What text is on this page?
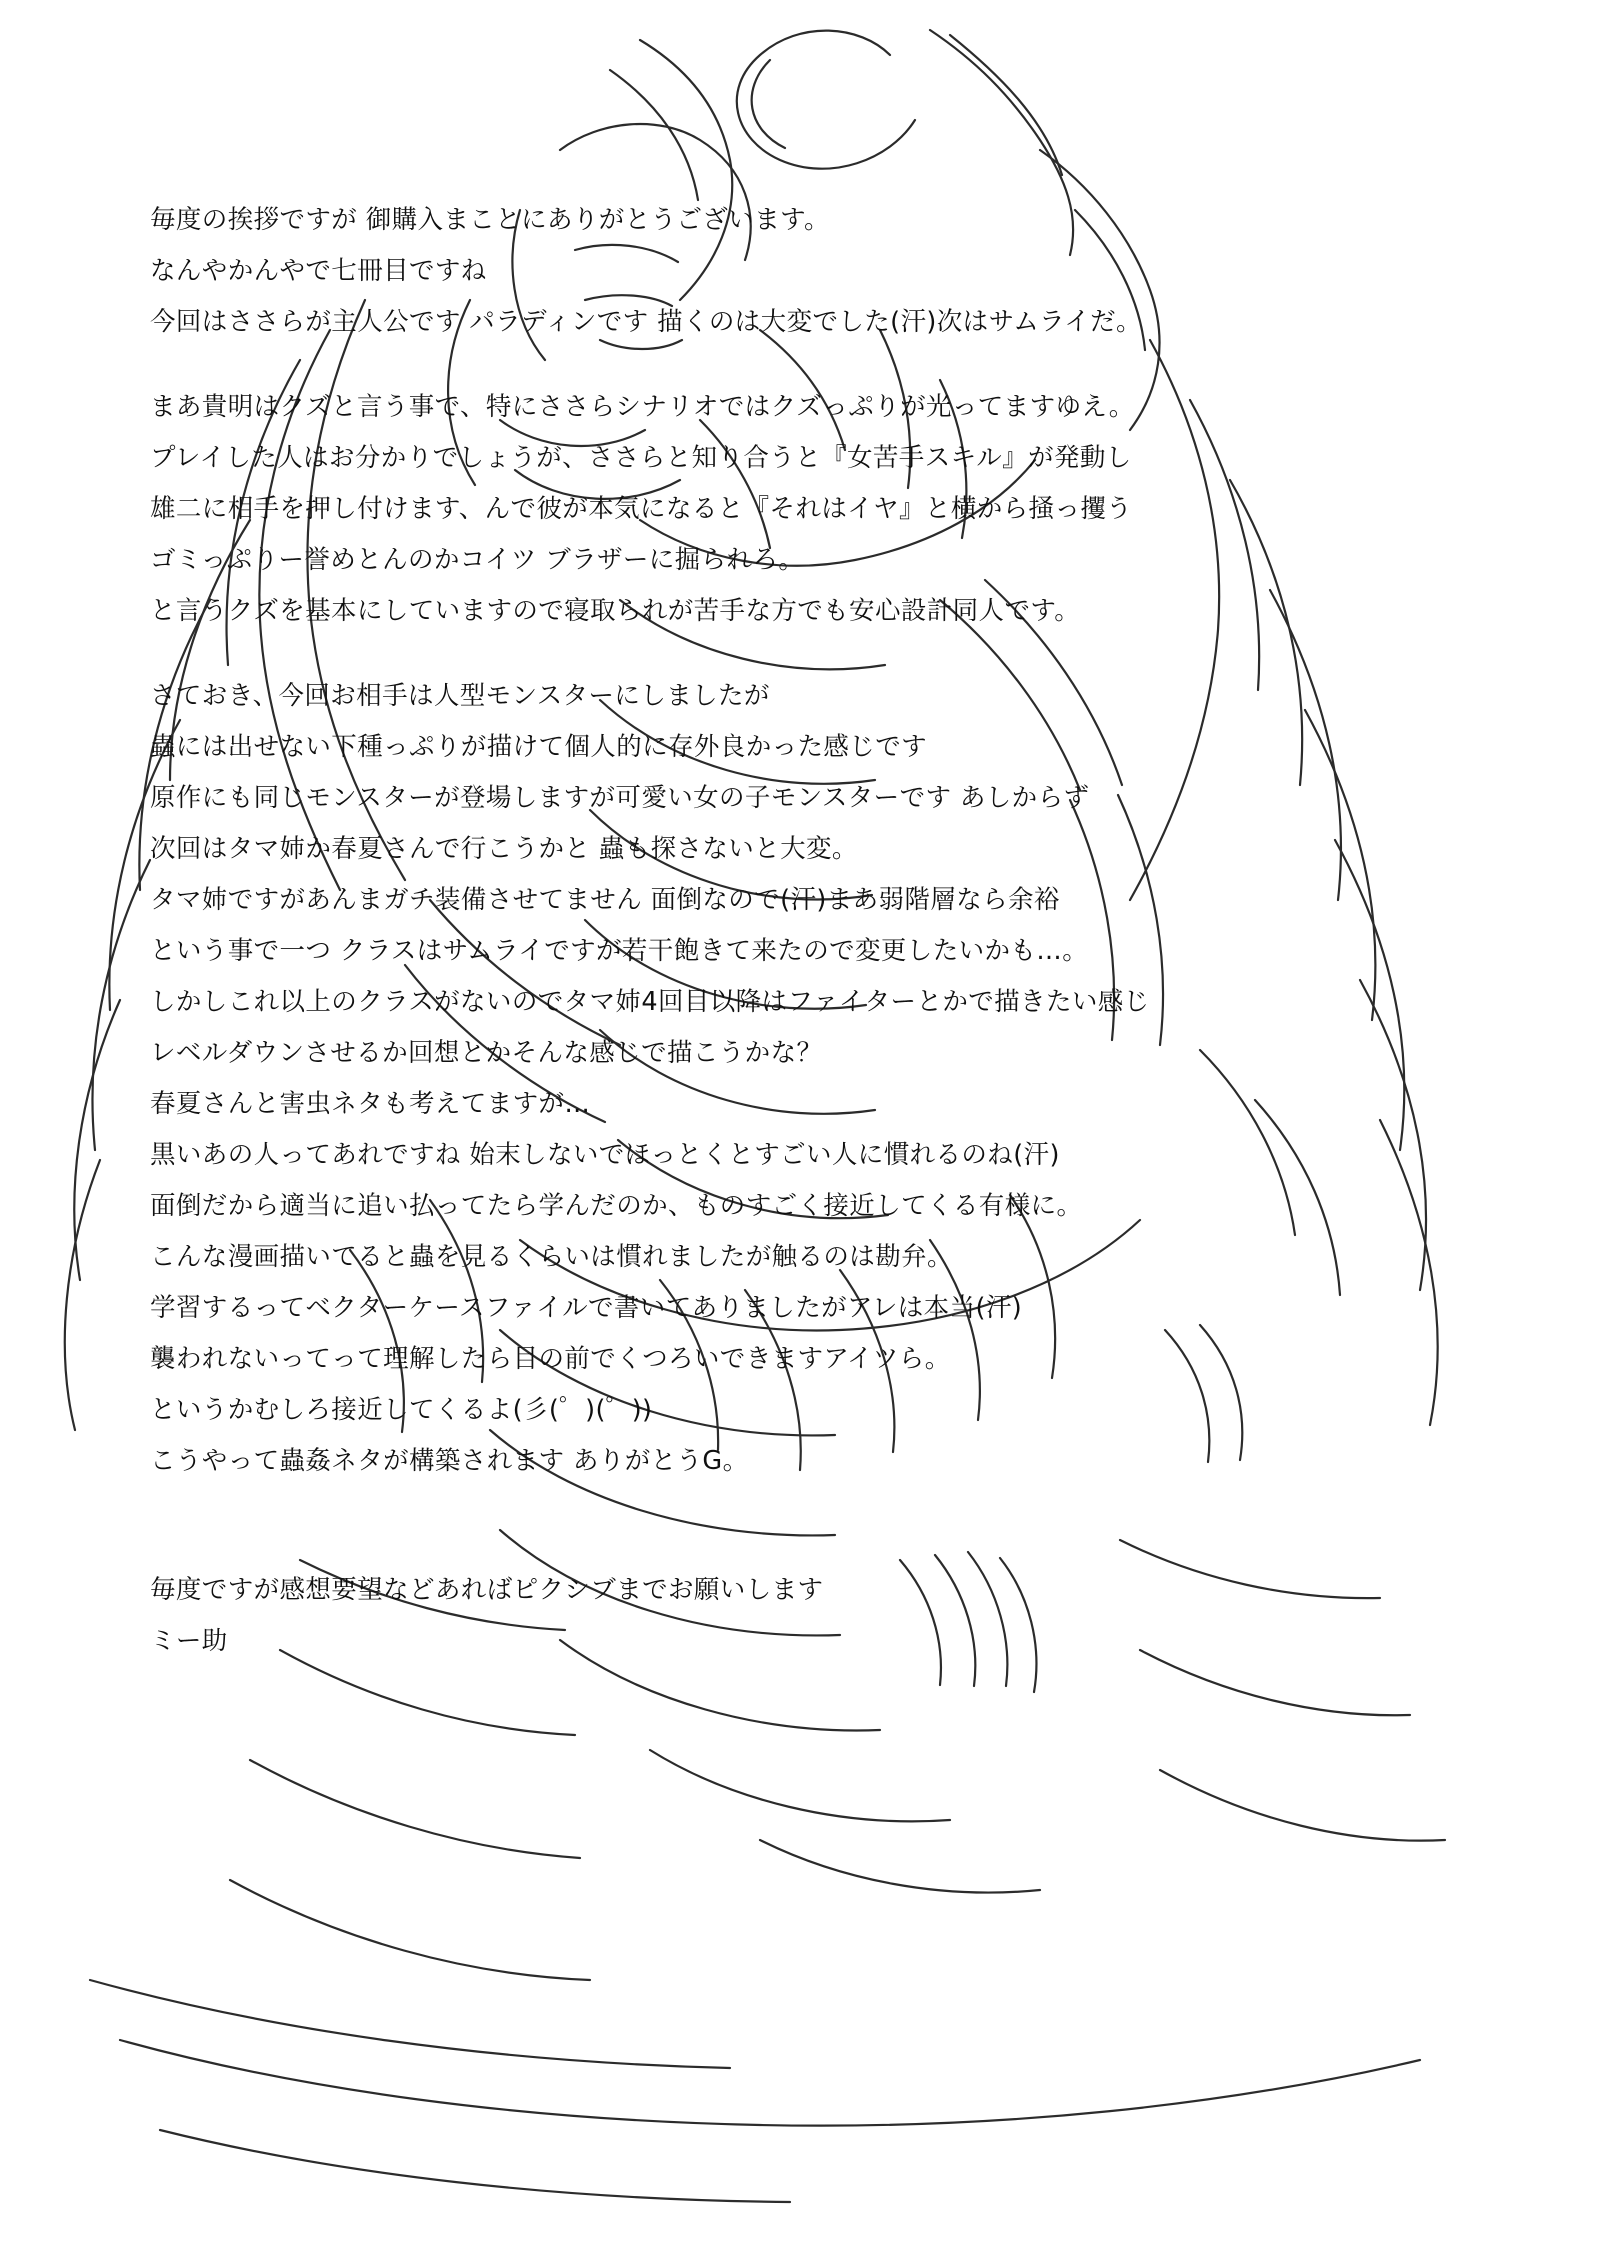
毎度の挨拶ですが 御購入まことにありがとうございます。
なんやかんやで七冊目ですね
今回はささらが主人公です パラディンです 描くのは大変でした(汗)次はサムライだ。
まあ貴明はクズと言う事で、特にささらシナリオではクズっぷりが光ってますゆえ。
プレイした人はお分かりでしょうが、ささらと知り合うと『女苦手スキル』が発動し
雄二に相手を押し付けます、んで彼が本気になると『それはイヤ』と横から掻っ攫う
ゴミっぷりー誉めとんのかコイツ ブラザーに掘られろ。
と言うクズを基本にしていますので寝取られが苦手な方でも安心設計同人です。
さておき、今回お相手は人型モンスターにしましたが
蟲には出せない下種っぷりが描けて個人的に存外良かった感じです
原作にも同じモンスターが登場しますが可愛い女の子モンスターです あしからず
次回はタマ姉か春夏さんで行こうかと 蟲も探さないと大変。
タマ姉ですがあんまガチ装備させてません 面倒なので(汗)まあ弱階層なら余裕
という事で一つ クラスはサムライですが若干飽きて来たので変更したいかも…。
しかしこれ以上のクラスがないのでタマ姉4回目以降はファイターとかで描きたい感じ
レベルダウンさせるか回想とかそんな感じで描こうかな？
春夏さんと害虫ネタも考えてますが…
黒いあの人ってあれですね 始末しないでほっとくとすごい人に慣れるのね(汗)
面倒だから適当に追い払ってたら学んだのか、ものすごく接近してくる有様に。
こんな漫画描いてると蟲を見るくらいは慣れましたが触るのは勘弁。
学習するってベクターケースファイルで書いてありましたがアレは本当(汗)
襲われないってって理解したら目の前でくつろいできますアイツら。
というかむしろ接近してくるよ(彡(゜)(゜))
こうやって蟲姦ネタが構築されます ありがとうG。
毎度ですが感想要望などあればピクシブまでお願いします
ミー助
